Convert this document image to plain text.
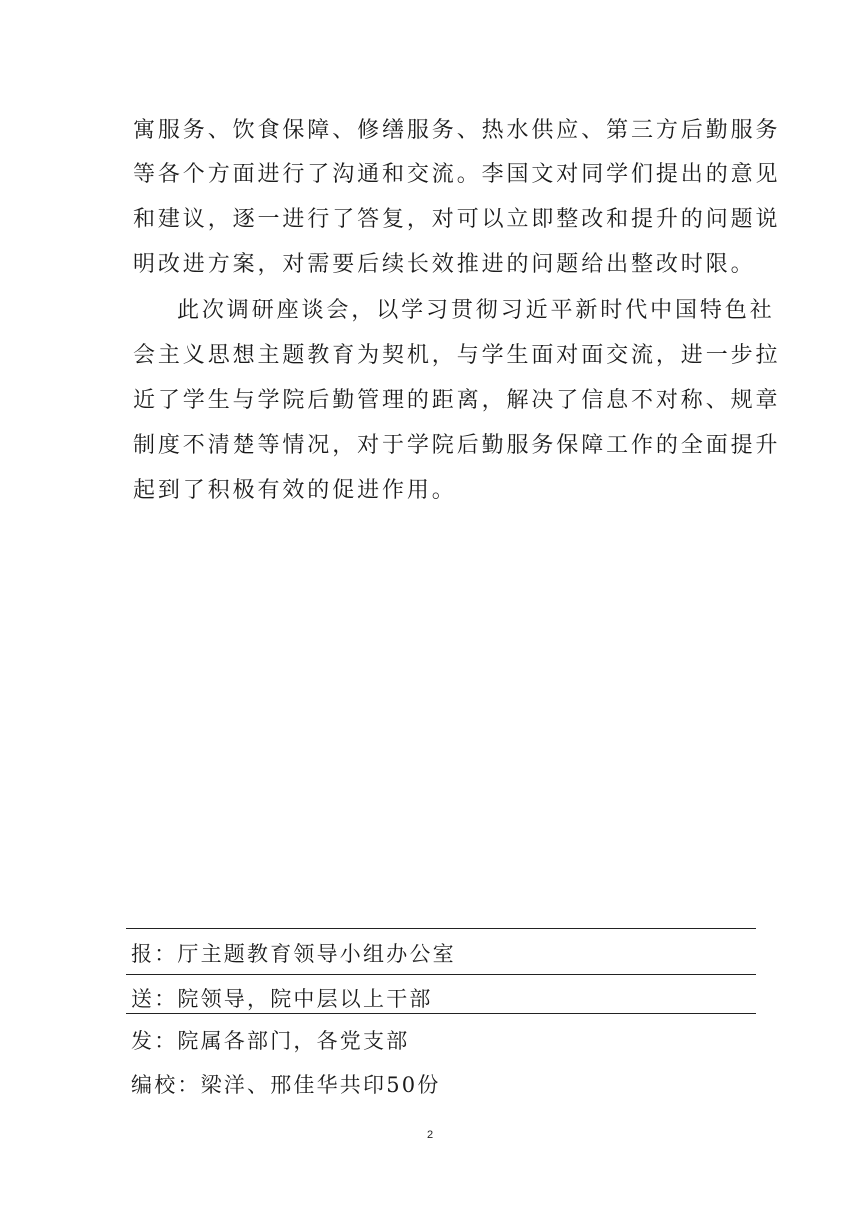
寓服务、饮食保障、修缮服务、热水供应、第三方后勤服务
等各个方面进行了沟通和交流。李国文对同学们提出的意见
和建议，逐一进行了答复，对可以立即整改和提升的问题说
明改进方案，对需要后续长效推进的问题给出整改时限。
此次调研座谈会，以学习贯彻习近平新时代中国特色社
会主义思想主题教育为契机，与学生面对面交流，进一步拉
近了学生与学院后勤管理的距离，解决了信息不对称、规章
制度不清楚等情况，对于学院后勤服务保障工作的全面提升
起到了积极有效的促进作用。
报：厅主题教育领导小组办公室
送：院领导，院中层以上干部
发：院属各部门，各党支部
编校：梁洋、邢佳华共印50份
2
